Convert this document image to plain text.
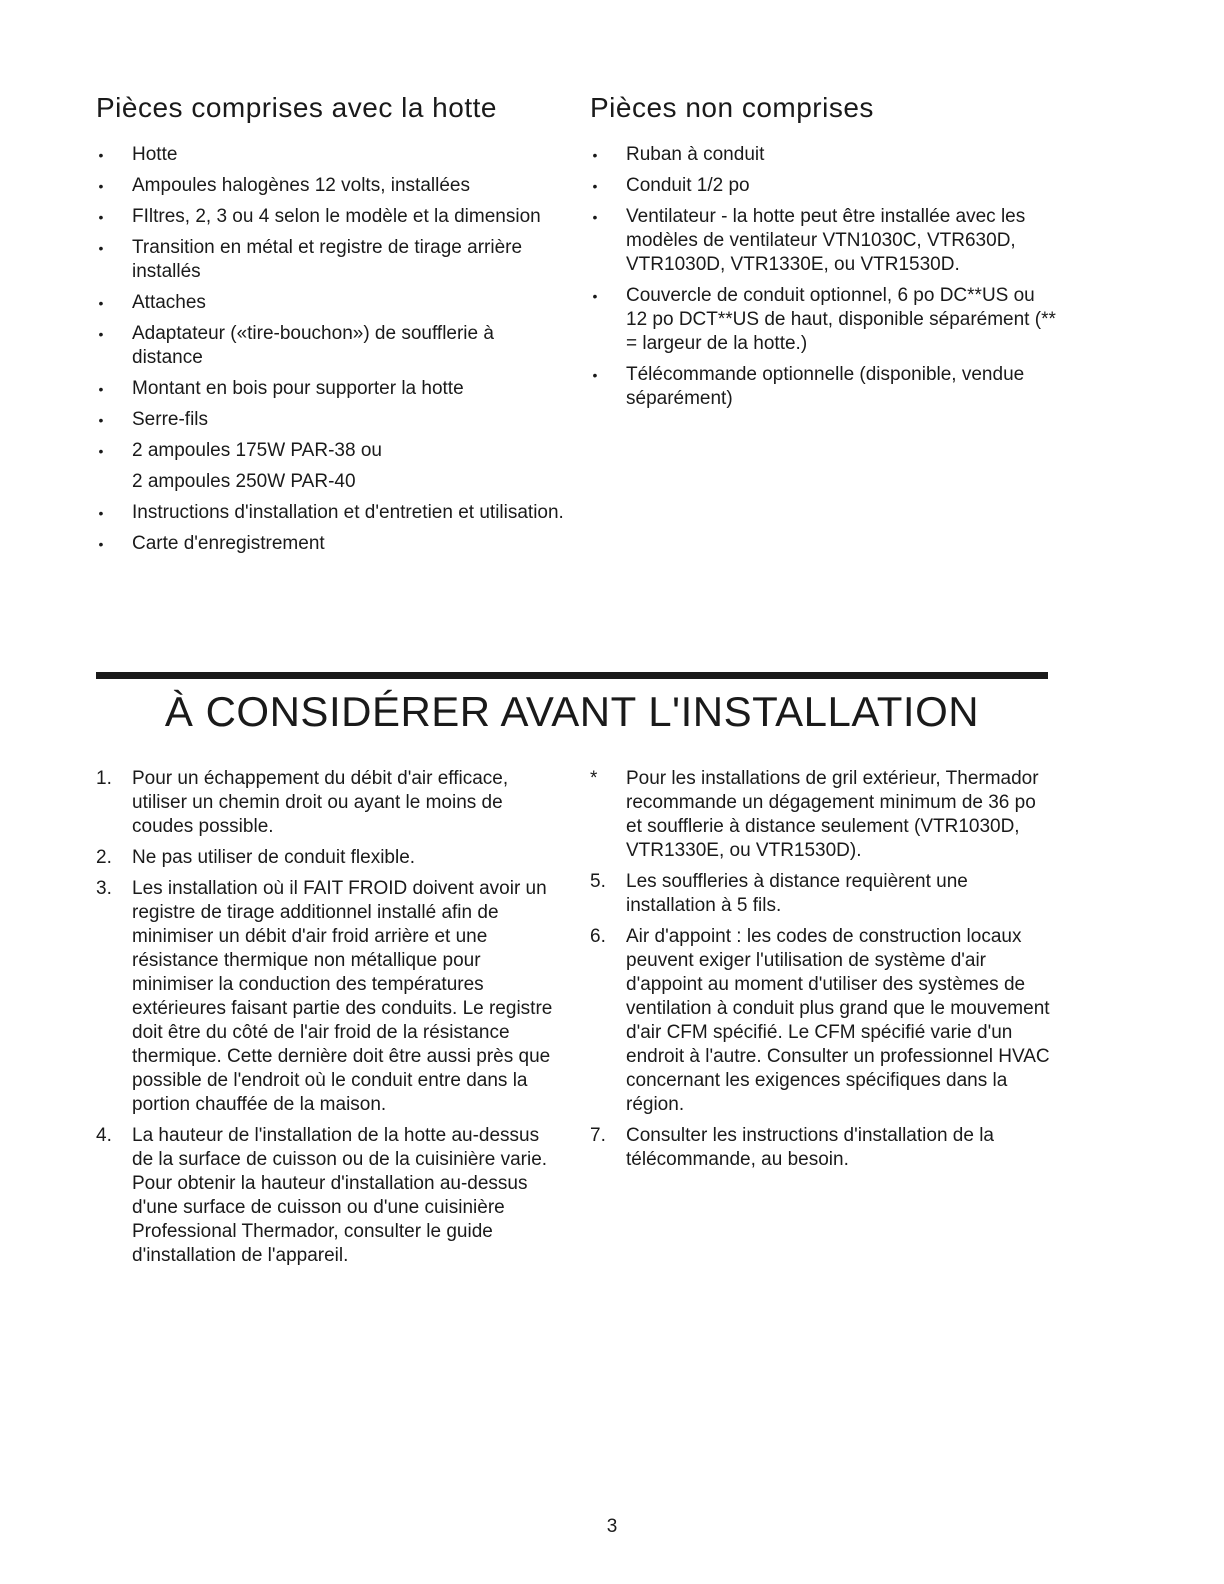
Pièces comprises avec la hotte
• Hotte
• Ampoules halogènes 12 volts, installées
• FIltres, 2, 3 ou 4 selon le modèle et la dimension
• Transition en métal et registre de tirage arrière installés
• Attaches
• Adaptateur («tire-bouchon») de soufflerie à distance
• Montant en bois pour supporter la hotte
• Serre-fils
• 2 ampoules 175W PAR-38 ou
2 ampoules 250W PAR-40
• Instructions d'installation et d'entretien et utilisation.
• Carte d'enregistrement
Pièces non comprises
• Ruban à conduit
• Conduit 1/2 po
• Ventilateur - la hotte peut être installée avec les modèles de ventilateur VTN1030C, VTR630D, VTR1030D, VTR1330E, ou VTR1530D.
• Couvercle de conduit optionnel, 6 po DC**US ou 12 po DCT**US de haut, disponible séparément (** = largeur de la hotte.)
• Télécommande optionnelle (disponible, vendue séparément)
À CONSIDÉRER AVANT L'INSTALLATION
1.	Pour un échappement du débit d'air efficace, utiliser un chemin droit ou ayant le moins de coudes possible.
2.	Ne pas utiliser de conduit flexible.
3.	Les installation où il FAIT FROID doivent avoir un registre de tirage additionnel installé afin de minimiser un débit d'air froid arrière et une résistance thermique non métallique pour minimiser la conduction des températures extérieures faisant partie des conduits. Le registre doit être du côté de l'air froid de la résistance thermique. Cette dernière doit être aussi près que possible de l'endroit où le conduit entre dans la portion chauffée de la maison.
4.	La hauteur de l'installation de la hotte au-dessus de la surface de cuisson ou de la cuisinière varie. Pour obtenir la hauteur d'installation au-dessus d'une surface de cuisson ou d'une cuisinière Professional Thermador, consulter le guide d'installation de l'appareil.
*	Pour les installations de gril extérieur, Thermador recommande un dégagement minimum de 36 po et soufflerie à distance seulement (VTR1030D, VTR1330E, ou VTR1530D).
5.	Les souffleries à distance requièrent une installation à 5 fils.
6.	Air d'appoint : les codes de construction locaux peuvent exiger l'utilisation de système d'air d'appoint au moment d'utiliser des systèmes de ventilation à conduit plus grand que le mouvement d'air CFM spécifié. Le CFM spécifié varie d'un endroit à l'autre. Consulter un professionnel HVAC concernant les exigences spécifiques dans la région.
7.	Consulter les instructions d'installation de la télécommande, au besoin.
3
